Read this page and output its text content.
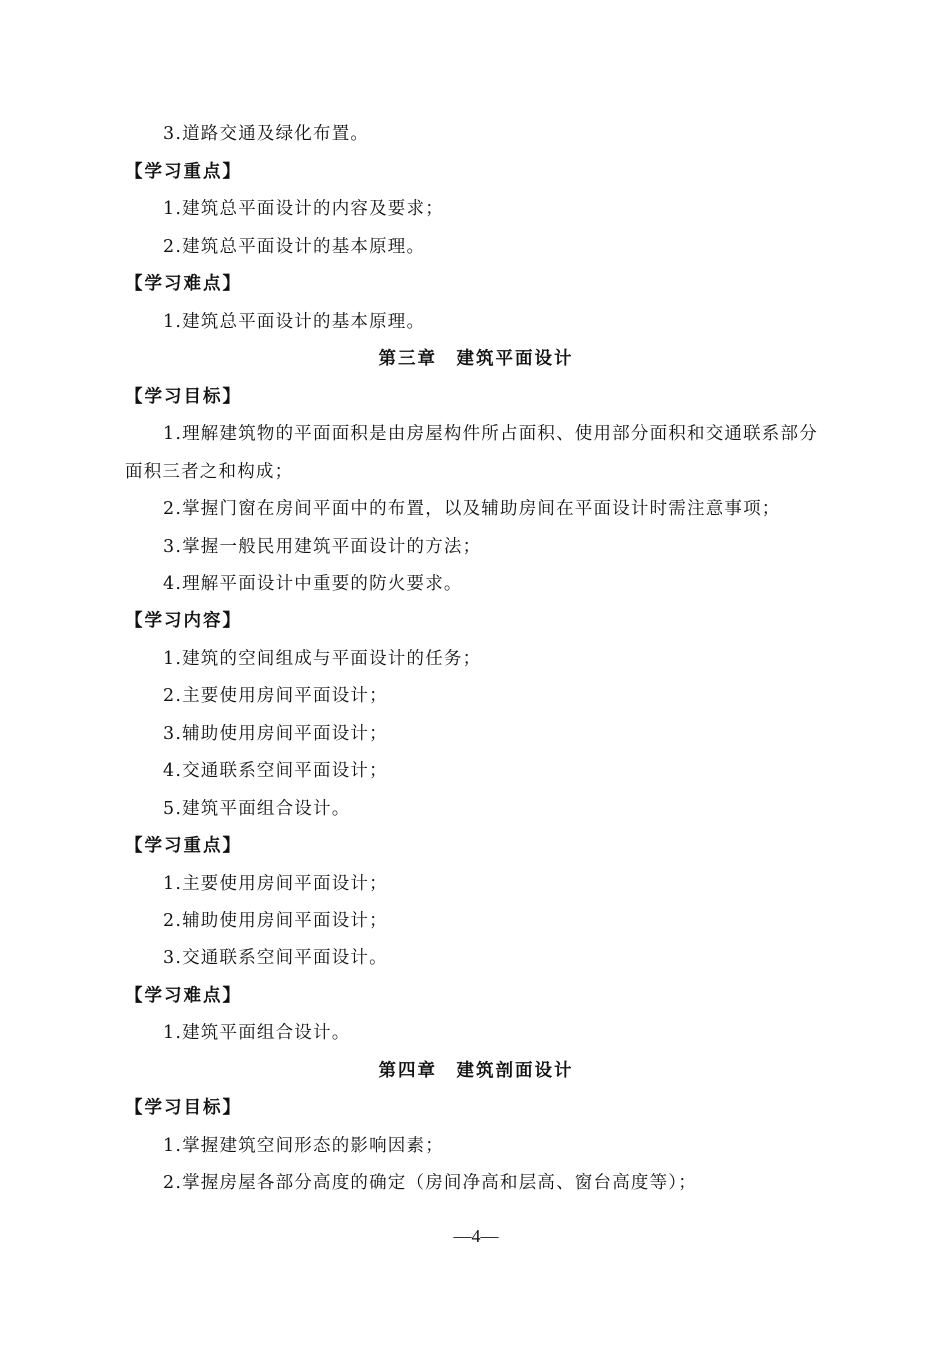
3.道路交通及绿化布置。
【学习重点】
1.建筑总平面设计的内容及要求；
2.建筑总平面设计的基本原理。
【学习难点】
1.建筑总平面设计的基本原理。
第三章　建筑平面设计
【学习目标】
1.理解建筑物的平面面积是由房屋构件所占面积、使用部分面积和交通联系部分
面积三者之和构成；
2.掌握门窗在房间平面中的布置，以及辅助房间在平面设计时需注意事项；
3.掌握一般民用建筑平面设计的方法；
4.理解平面设计中重要的防火要求。
【学习内容】
1.建筑的空间组成与平面设计的任务；
2.主要使用房间平面设计；
3.辅助使用房间平面设计；
4.交通联系空间平面设计；
5.建筑平面组合设计。
【学习重点】
1.主要使用房间平面设计；
2.辅助使用房间平面设计；
3.交通联系空间平面设计。
【学习难点】
1.建筑平面组合设计。
第四章　建筑剖面设计
【学习目标】
1.掌握建筑空间形态的影响因素；
2.掌握房屋各部分高度的确定（房间净高和层高、窗台高度等）；
—4—
